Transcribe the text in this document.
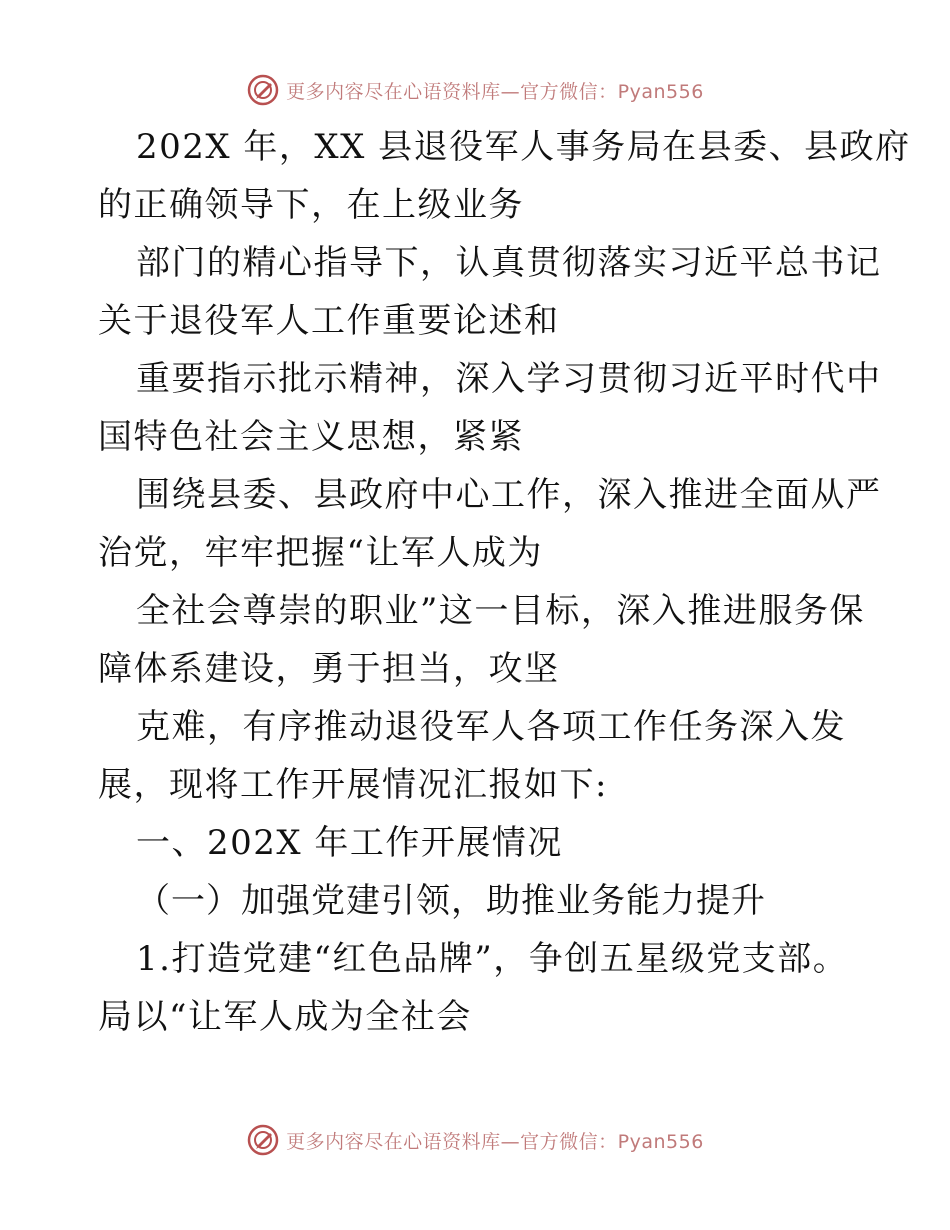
更多内容尽在心语资料库—官方微信：Pyan556
202X 年，XX 县退役军人事务局在县委、县政府
的正确领导下，在上级业务
部门的精心指导下，认真贯彻落实习近平总书记
关于退役军人工作重要论述和
重要指示批示精神，深入学习贯彻习近平时代中
国特色社会主义思想，紧紧
围绕县委、县政府中心工作，深入推进全面从严
治党，牢牢把握“让军人成为
全社会尊崇的职业”这一目标，深入推进服务保
障体系建设，勇于担当，攻坚
克难，有序推动退役军人各项工作任务深入发
展，现将工作开展情况汇报如下:
一、202X 年工作开展情况
（一）加强党建引领，助推业务能力提升
1.打造党建“红色品牌”，争创五星级党支部。
局以“让军人成为全社会
更多内容尽在心语资料库—官方微信：Pyan556
